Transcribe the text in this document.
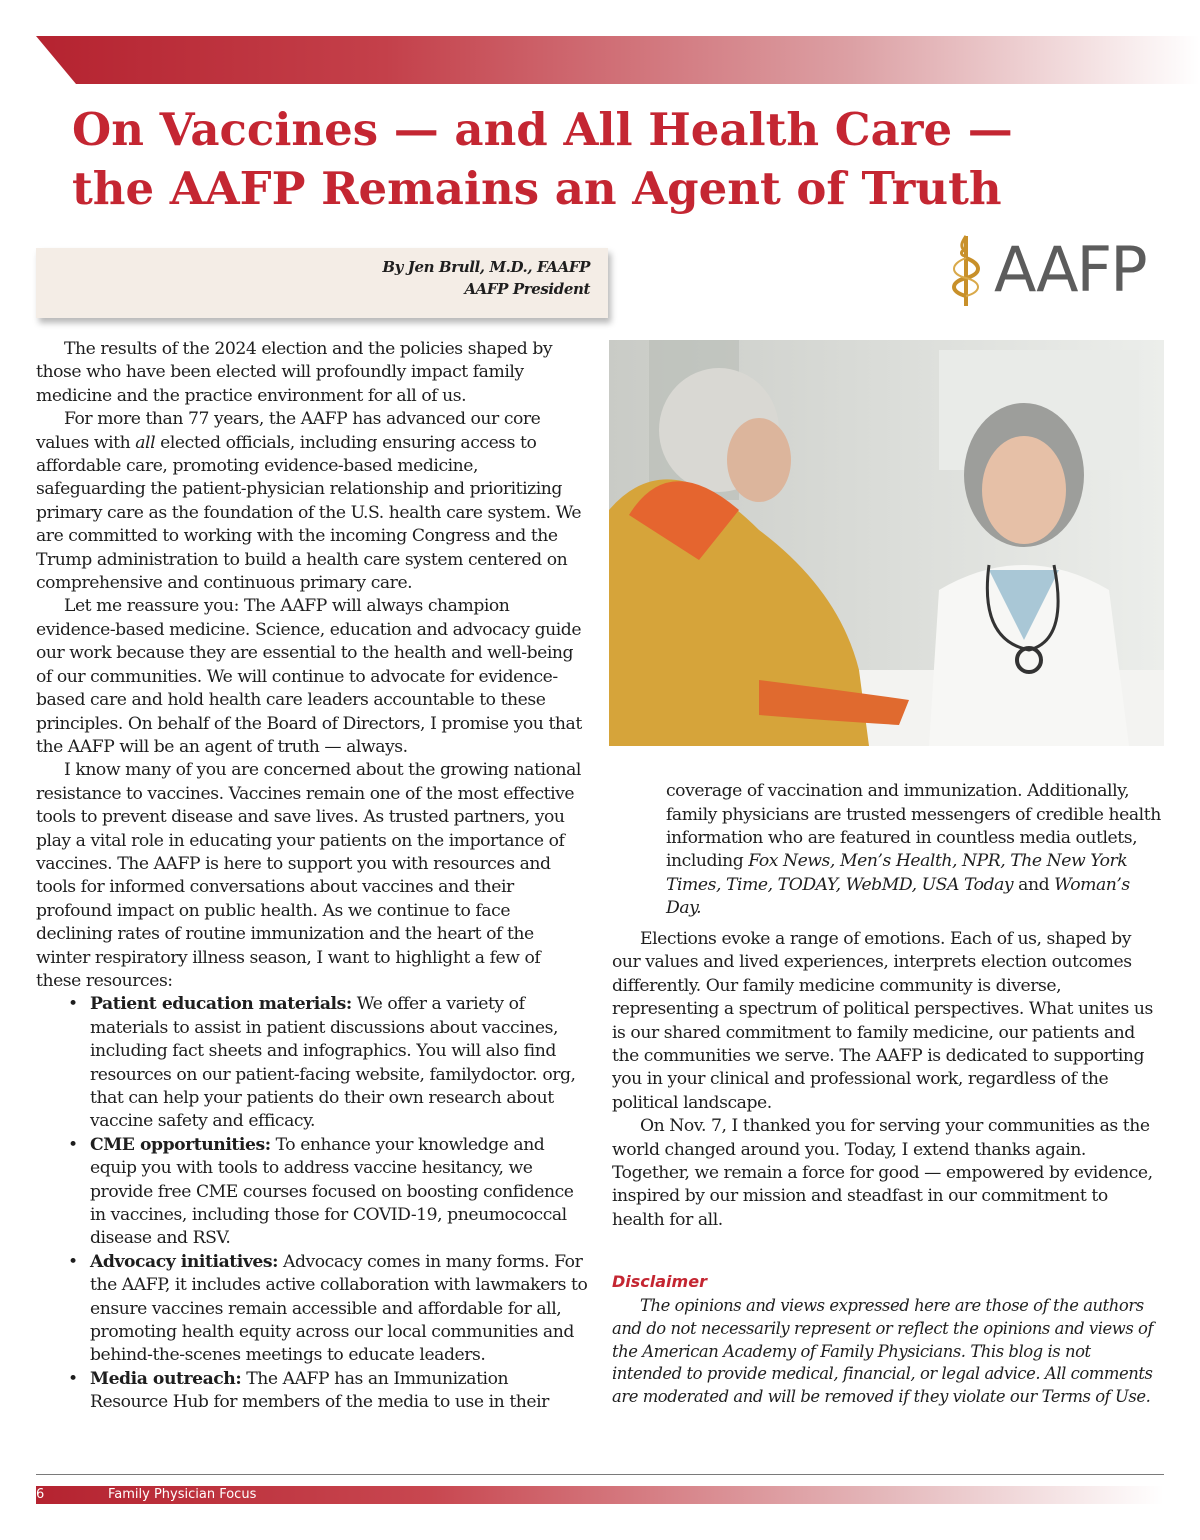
On Vaccines — and All Health Care —
the AAFP Remains an Agent of Truth
By Jen Brull, M.D., FAAFP
AAFP President	AAFP

The results of the 2024 election and the policies shaped by those who have been elected will profoundly impact family medicine and the practice environment for all of us.

For more than 77 years, the AAFP has advanced our core values with all elected officials, including ensuring access to affordable care, promoting evidence-based medicine, safeguarding the patient-physician relationship and prioritizing primary care as the foundation of the U.S. health care system. We are committed to working with the incoming Congress and the Trump administration to build a health care system centered on comprehensive and continuous primary care.

Let me reassure you: The AAFP will always champion evidence-based medicine. Science, education and advocacy guide our work because they are essential to the health and well-being of our communities. We will continue to advocate for evidence-based care and hold health care leaders accountable to these principles. On behalf of the Board of Directors, I promise you that the AAFP will be an agent of truth — always.

I know many of you are concerned about the growing national resistance to vaccines. Vaccines remain one of the most effective tools to prevent disease and save lives. As trusted partners, you play a vital role in educating your patients on the importance of vaccines. The AAFP is here to support you with resources and tools for informed conversations about vaccines and their profound impact on public health. As we continue to face declining rates of routine immunization and the heart of the winter respiratory illness season, I want to highlight a few of these resources:

• Patient education materials: We offer a variety of materials to assist in patient discussions about vaccines, including fact sheets and infographics. You will also find resources on our patient-facing website, familydoctor. org, that can help your patients do their own research about vaccine safety and efficacy.
• CME opportunities: To enhance your knowledge and equip you with tools to address vaccine hesitancy, we provide free CME courses focused on boosting confidence in vaccines, including those for COVID-19, pneumococcal disease and RSV.
• Advocacy initiatives: Advocacy comes in many forms. For the AAFP, it includes active collaboration with lawmakers to ensure vaccines remain accessible and affordable for all, promoting health equity across our local communities and behind-the-scenes meetings to educate leaders.
• Media outreach: The AAFP has an Immunization Resource Hub for members of the media to use in their

coverage of vaccination and immunization. Additionally, family physicians are trusted messengers of credible health information who are featured in countless media outlets, including Fox News, Men’s Health, NPR, The New York Times, Time, TODAY, WebMD, USA Today and Woman’s Day.

Elections evoke a range of emotions. Each of us, shaped by our values and lived experiences, interprets election outcomes differently. Our family medicine community is diverse, representing a spectrum of political perspectives. What unites us is our shared commitment to family medicine, our patients and the communities we serve. The AAFP is dedicated to supporting you in your clinical and professional work, regardless of the political landscape.

On Nov. 7, I thanked you for serving your communities as the world changed around you. Today, I extend thanks again. Together, we remain a force for good — empowered by evidence, inspired by our mission and steadfast in our commitment to health for all.

Disclaimer

The opinions and views expressed here are those of the authors and do not necessarily represent or reflect the opinions and views of the American Academy of Family Physicians. This blog is not intended to provide medical, financial, or legal advice. All comments are moderated and will be removed if they violate our Terms of Use.

6	Family Physician Focus
